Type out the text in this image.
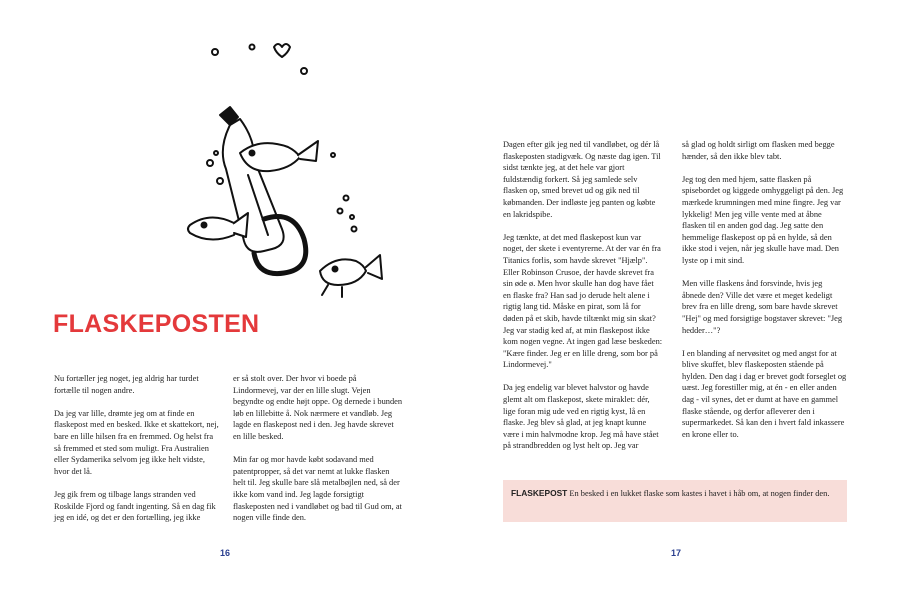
FLASKEPOSTEN

Nu fortæller jeg noget, jeg aldrig har turdet fortælle til nogen andre.

Da jeg var lille, drømte jeg om at finde en flaskepost med en besked. Ikke et skattekort, nej, bare en lille hilsen fra en fremmed. Og helst fra så fremmed et sted som muligt. Fra Australien eller Sydamerika selvom jeg ikke helt vidste, hvor det lå.

Jeg gik frem og tilbage langs stranden ved Roskilde Fjord og fandt ingenting. Så en dag fik jeg en idé, og det er den fortælling, jeg ikke

er så stolt over. Der hvor vi boede på Lindormevej, var der en lille slugt. Vejen begyndte og endte højt oppe. Og dernede i bunden løb en lillebitte å. Nok nærmere et vandløb. Jeg lagde en flaskepost ned i den. Jeg havde skrevet en lille besked.

Min far og mor havde købt sodavand med patentpropper, så det var nemt at lukke flasken helt til. Jeg skulle bare slå metalbøjlen ned, så der ikke kom vand ind. Jeg lagde forsigtigt flaskeposten ned i vandløbet og bad til Gud om, at nogen ville finde den.

16

Dagen efter gik jeg ned til vandløbet, og dér lå flaskeposten stadigvæk. Og næste dag igen. Til sidst tænkte jeg, at det hele var gjort fuldstændig forkert. Så jeg samlede selv flasken op, smed brevet ud og gik ned til købmanden. Der indløste jeg panten og købte en lakridspibe.

Jeg tænkte, at det med flaskepost kun var noget, der skete i eventyrerne. At der var én fra Titanics forlis, som havde skrevet "Hjælp". Eller Robinson Crusoe, der havde skrevet fra sin øde ø. Men hvor skulle han dog have fået en flaske fra? Han sad jo derude helt alene i rigtig lang tid. Måske en pirat, som lå for døden på et skib, havde tiltænkt mig sin skat? Jeg var stadig ked af, at min flaskepost ikke kom nogen vegne. At ingen gad læse beskeden: "Kære finder. Jeg er en lille dreng, som bor på Lindormevej."

Da jeg endelig var blevet halvstor og havde glemt alt om flaskepost, skete miraklet: dér, lige foran mig ude ved en rigtig kyst, lå en flaske. Jeg blev så glad, at jeg knapt kunne være i min halvmodne krop. Jeg må have stået på strandbredden og lyst helt op. Jeg var

så glad og holdt sirligt om flasken med begge hænder, så den ikke blev tabt.

Jeg tog den med hjem, satte flasken på spisebordet og kiggede omhyggeligt på den. Jeg mærkede krumningen med mine fingre. Jeg var lykkelig! Men jeg ville vente med at åbne flasken til en anden god dag. Jeg satte den hemmelige flaskepost op på en hylde, så den ikke stod i vejen, når jeg skulle have mad. Den lyste op i mit sind.

Men ville flaskens ånd forsvinde, hvis jeg åbnede den? Ville det være et meget kedeligt brev fra en lille dreng, som bare havde skrevet "Hej" og med forsigtige bogstaver skrevet: "Jeg hedder…"?

I en blanding af nervøsitet og med angst for at blive skuffet, blev flaskeposten stående på hylden. Den dag i dag er brevet godt forseglet og uæst. Jeg forestiller mig, at én - en eller anden dag - vil synes, det er dumt at have en gammel flaske stående, og derfor afleverer den i supermarkedet. Så kan den i hvert fald inkassere en krone eller to.

FLASKEPOST En besked i en lukket flaske som kastes i havet i håb om, at nogen finder den.
17
